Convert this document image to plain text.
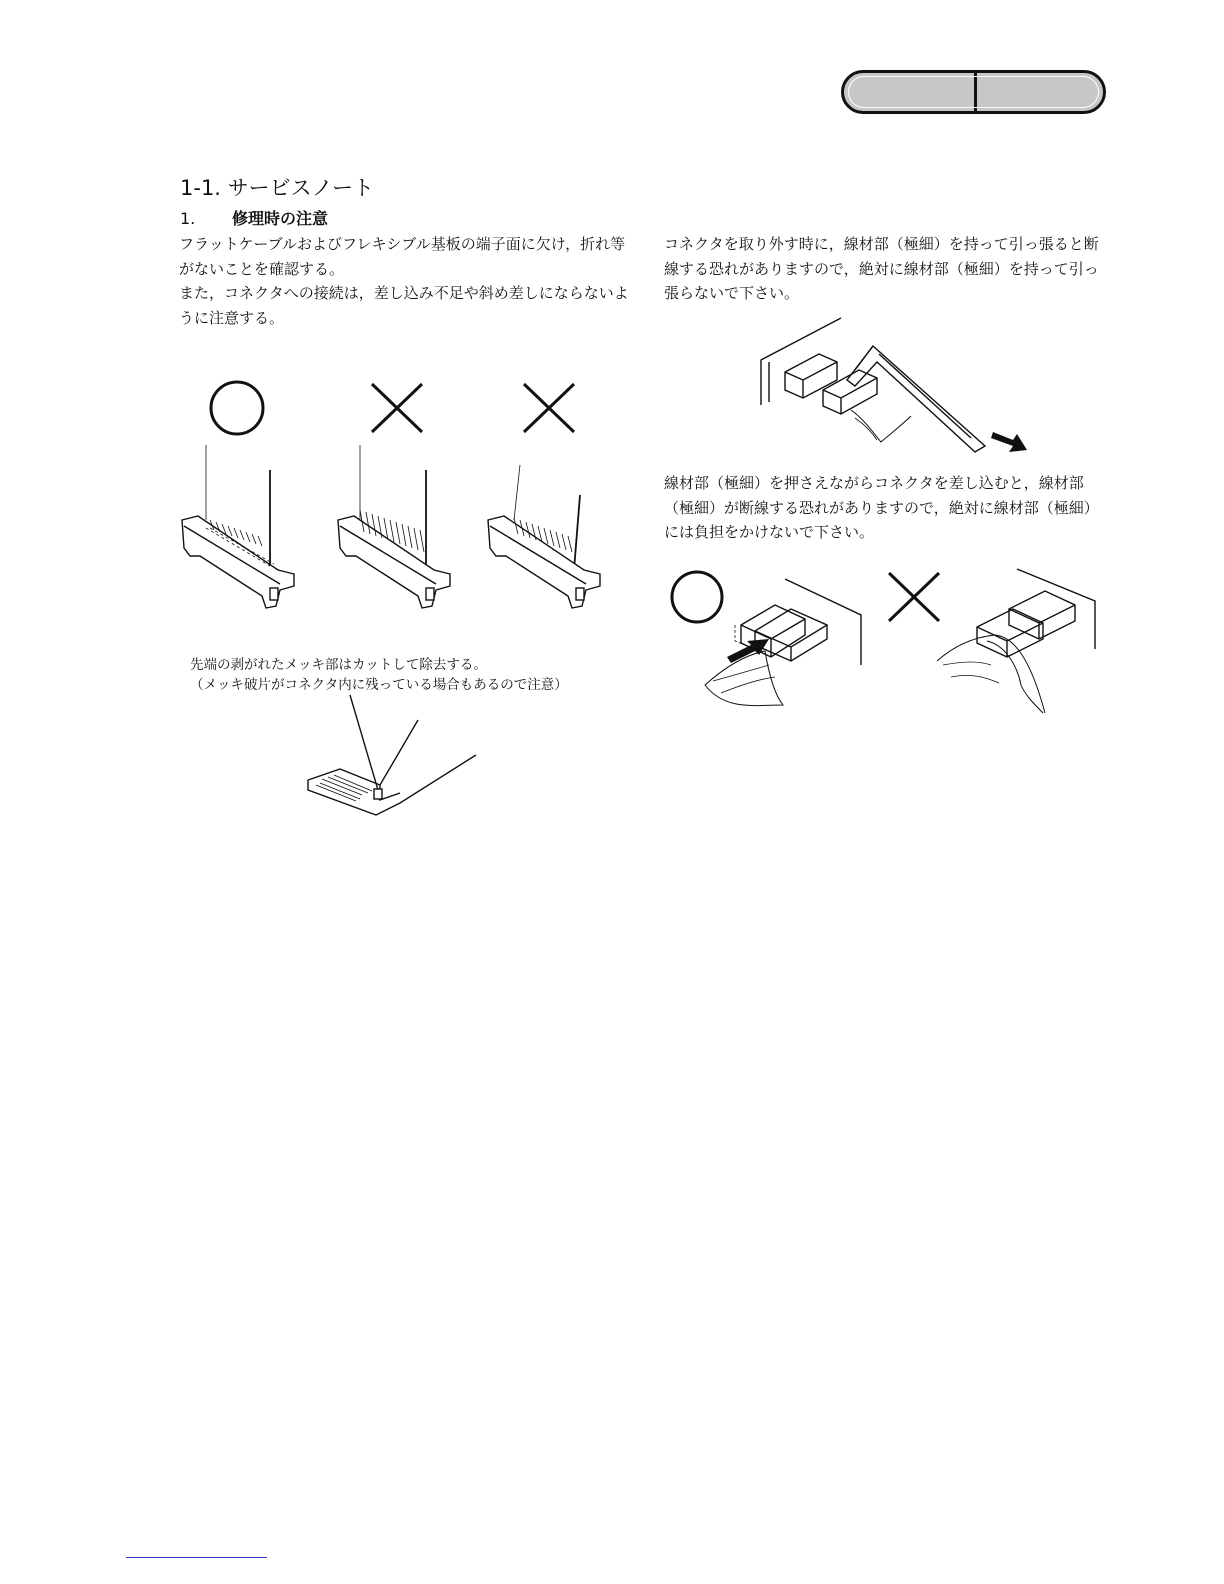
1-1. サービスノート
1. 修理時の注意

フラットケーブルおよびフレキシブル基板の端子面に欠け，折れ等がないことを確認する。

また，コネクタへの接続は，差し込み不足や斜め差しにならないように注意する。

コネクタを取り外す時に，線材部（極細）を持って引っ張ると断線する恐れがありますので，絶対に線材部（極細）を持って引っ張らないで下さい。

線材部（極細）を押さえながらコネクタを差し込むと，線材部（極細）が断線する恐れがありますので，絶対に線材部（極細）には負担をかけないで下さい。

先端の剥がれたメッキ部はカットして除去する。
（メッキ破片がコネクタ内に残っている場合もあるので注意）
